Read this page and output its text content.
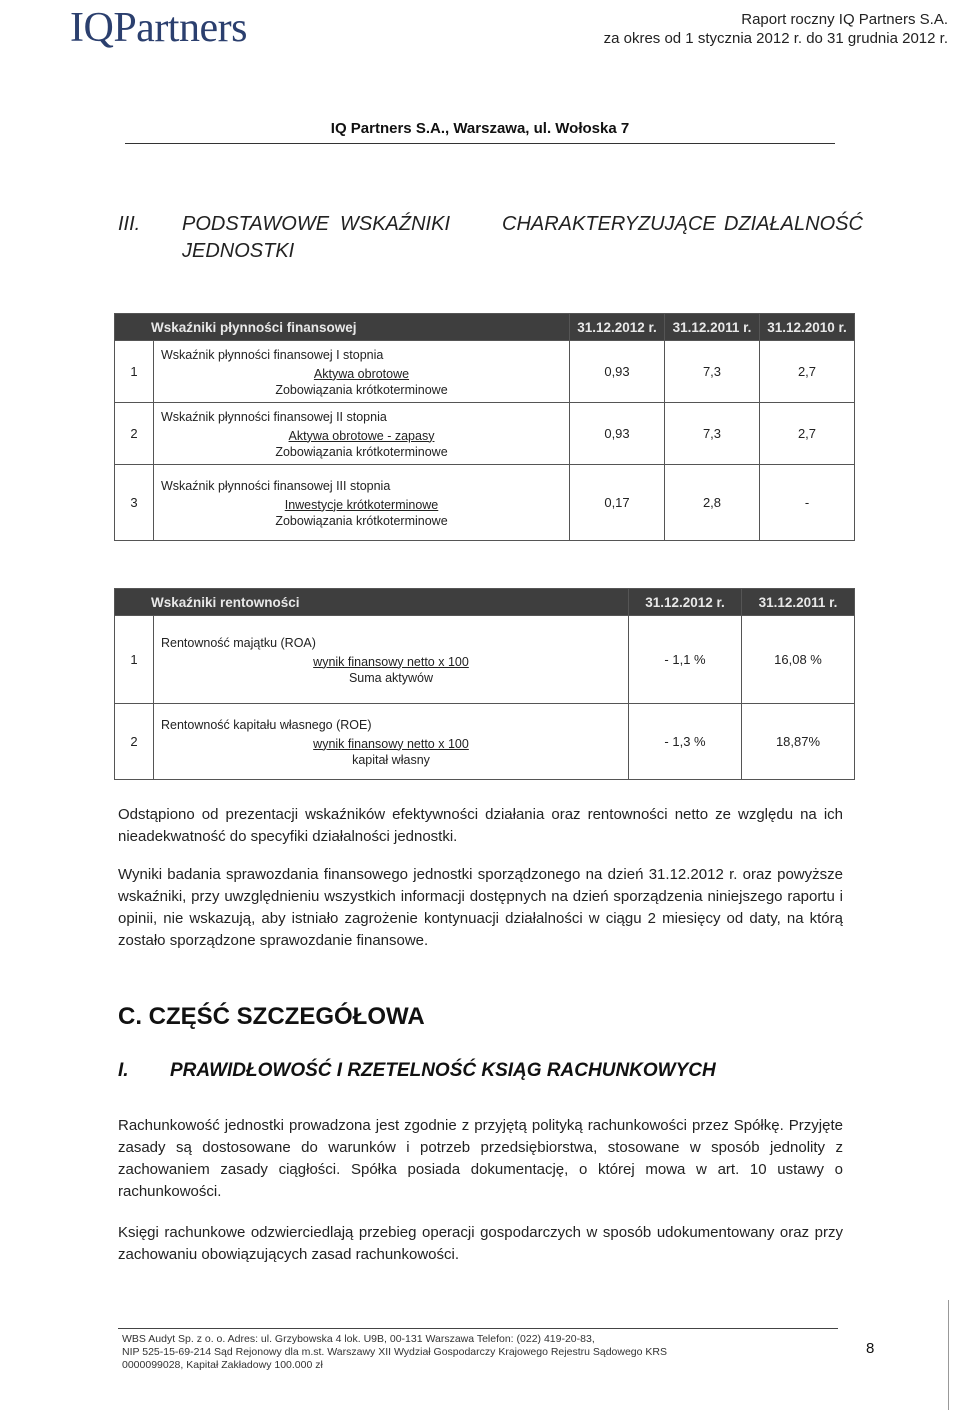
IQPartners	Raport roczny IQ Partners S.A.
za okres od 1 stycznia 2012 r. do 31 grudnia 2012 r.
IQ Partners S.A., Warszawa, ul. Wołoska 7
III. PODSTAWOWE WSKAŹNIKI	CHARAKTERYZUJĄCE DZIAŁALNOŚĆ
JEDNOSTKI
Wskaźniki płynności finansowej		31.12.2012 r.	31.12.2011 r.	31.12.2010 r.
1	Wskaźnik płynności finansowej I stopnia
Aktywa obrotowe
Zobowiązania krótkoterminowe	0,93	7,3	2,7
2	Wskaźnik płynności finansowej II stopnia
Aktywa obrotowe - zapasy
Zobowiązania krótkoterminowe	0,93	7,3	2,7
3	Wskaźnik płynności finansowej III stopnia
Inwestycje krótkoterminowe
Zobowiązania krótkoterminowe	0,17	2,8	-
Wskaźniki rentowności		31.12.2012 r.	31.12.2011 r.
1	Rentowność majątku (ROA)
wynik finansowy netto x 100
Suma aktywów	- 1,1 %	16,08 %
2	Rentowność kapitału własnego (ROE)
wynik finansowy netto x 100
kapitał własny	- 1,3 %	18,87%
Odstąpiono od prezentacji wskaźników efektywności działania oraz rentowności netto ze względu na ich nieadekwatność do specyfiki działalności jednostki.
Wyniki badania sprawozdania finansowego jednostki sporządzonego na dzień 31.12.2012 r. oraz powyższe wskaźniki, przy uwzględnieniu wszystkich informacji dostępnych na dzień sporządzenia niniejszego raportu i opinii, nie wskazują, aby istniało zagrożenie kontynuacji działalności w ciągu 2 miesięcy od daty, na którą zostało sporządzone sprawozdanie finansowe.
C. CZĘŚĆ SZCZEGÓŁOWA
I. PRAWIDŁOWOŚĆ I RZETELNOŚĆ KSIĄG RACHUNKOWYCH
Rachunkowość jednostki prowadzona jest zgodnie z przyjętą polityką rachunkowości przez Spółkę. Przyjęte zasady są dostosowane do warunków i potrzeb przedsiębiorstwa, stosowane w sposób jednolity z zachowaniem zasady ciągłości. Spółka posiada dokumentację, o której mowa w art. 10 ustawy o rachunkowości.
Księgi rachunkowe odzwierciedlają przebieg operacji gospodarczych w sposób udokumentowany oraz przy zachowaniu obowiązujących zasad rachunkowości.
WBS Audyt Sp. z o. o. Adres: ul. Grzybowska 4 lok. U9B, 00-131 Warszawa Telefon: (022) 419-20-83,
NIP 525-15-69-214 Sąd Rejonowy dla m.st. Warszawy XII Wydział Gospodarczy Krajowego Rejestru Sądowego KRS
0000099028, Kapitał Zakładowy 100.000 zł
8
